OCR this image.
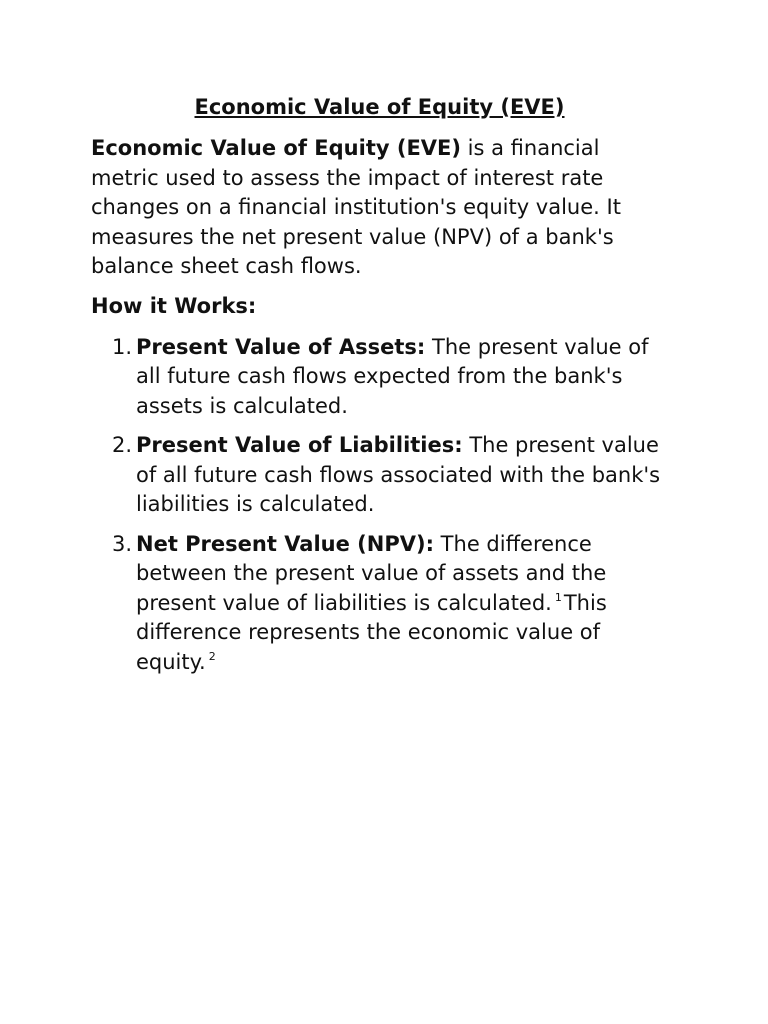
Economic Value of Equity (EVE)

Economic Value of Equity (EVE) is a financial metric used to assess the impact of interest rate changes on a financial institution's equity value. It measures the net present value (NPV) of a bank's balance sheet cash flows.

How it Works:
1. Present Value of Assets: The present value of all future cash flows expected from the bank's assets is calculated.
2. Present Value of Liabilities: The present value of all future cash flows associated with the bank's liabilities is calculated.
3. Net Present Value (NPV): The difference between the present value of assets and the present value of liabilities is calculated. $^1$This difference represents the economic value of equity. $^2$
